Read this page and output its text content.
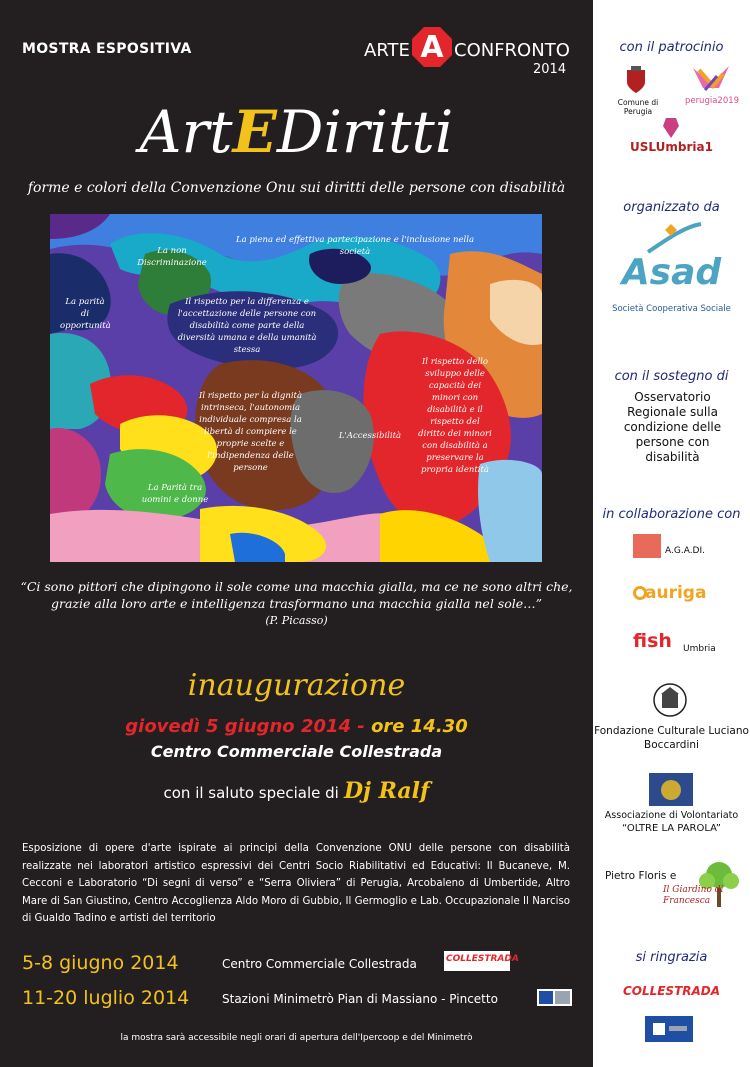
MOSTRA ESPOSITIVA	ARTE A CONFRONTO
2014
ArtEDiritti
forme e colori della Convenzione Onu sui diritti delle persone con disabilità
La non Discriminazione
La piena ed effettiva partecipazione e l'inclusione nella società
La parità di opportunità
Il rispetto per la differenza e l'accettazione delle persone con disabilità come parte della diversità umana e della umanità stessa
Il rispetto per la dignità intrinseca, l'autonomia individuale compresa la libertà di compiere le proprie scelte e l'indipendenza delle persone
L'Accessibilità
La Parità tra uomini e donne
Il rispetto dello sviluppo delle capacità dei minori con disabilità e il rispetto del diritto dei minori con disabilità a preservare la propria identità
“Ci sono pittori che dipingono il sole come una macchia gialla, ma ce ne sono altri che,
grazie alla loro arte e intelligenza trasformano una macchia gialla nel sole…”
(P. Picasso)
inaugurazione
giovedì 5 giugno 2014 - ore 14.30
Centro Commerciale Collestrada
con il saluto speciale di Dj Ralf
Esposizione di opere d'arte ispirate ai principi della Convenzione ONU delle persone con disabilità realizzate nei laboratori artistico espressivi dei Centri Socio Riabilitativi ed Educativi: Il Bucaneve, M. Cecconi e Laboratorio “Di segni di verso” e “Serra Oliviera” di Perugia, Arcobaleno di Umbertide, Altro Mare di San Giustino, Centro Accoglienza Aldo Moro di Gubbio, Il Germoglio e Lab. Occupazionale Il Narciso di Gualdo Tadino e artisti del territorio
5-8 giugno 2014	Centro Commerciale Collestrada	COLLESTRADA
11-20 luglio 2014	Stazioni Minimetrò Pian di Massiano - Pincetto
la mostra sarà accessibile negli orari di apertura dell'Ipercoop e del Minimetrò
con il patrocinio
Comune di Perugia
perugia2019
USLUmbria1
organizzato da
Asad
Società Cooperativa Sociale
con il sostegno di
Osservatorio Regionale sulla condizione delle persone con disabilità
in collaborazione con
A.G.A.DI.
auriga
fish Umbria
Fondazione Culturale Luciano Boccardini
Associazione di Volontariato
“OLTRE LA PAROLA”
Pietro Floris e
Il Giardino di Francesca
si ringrazia
COLLESTRADA
